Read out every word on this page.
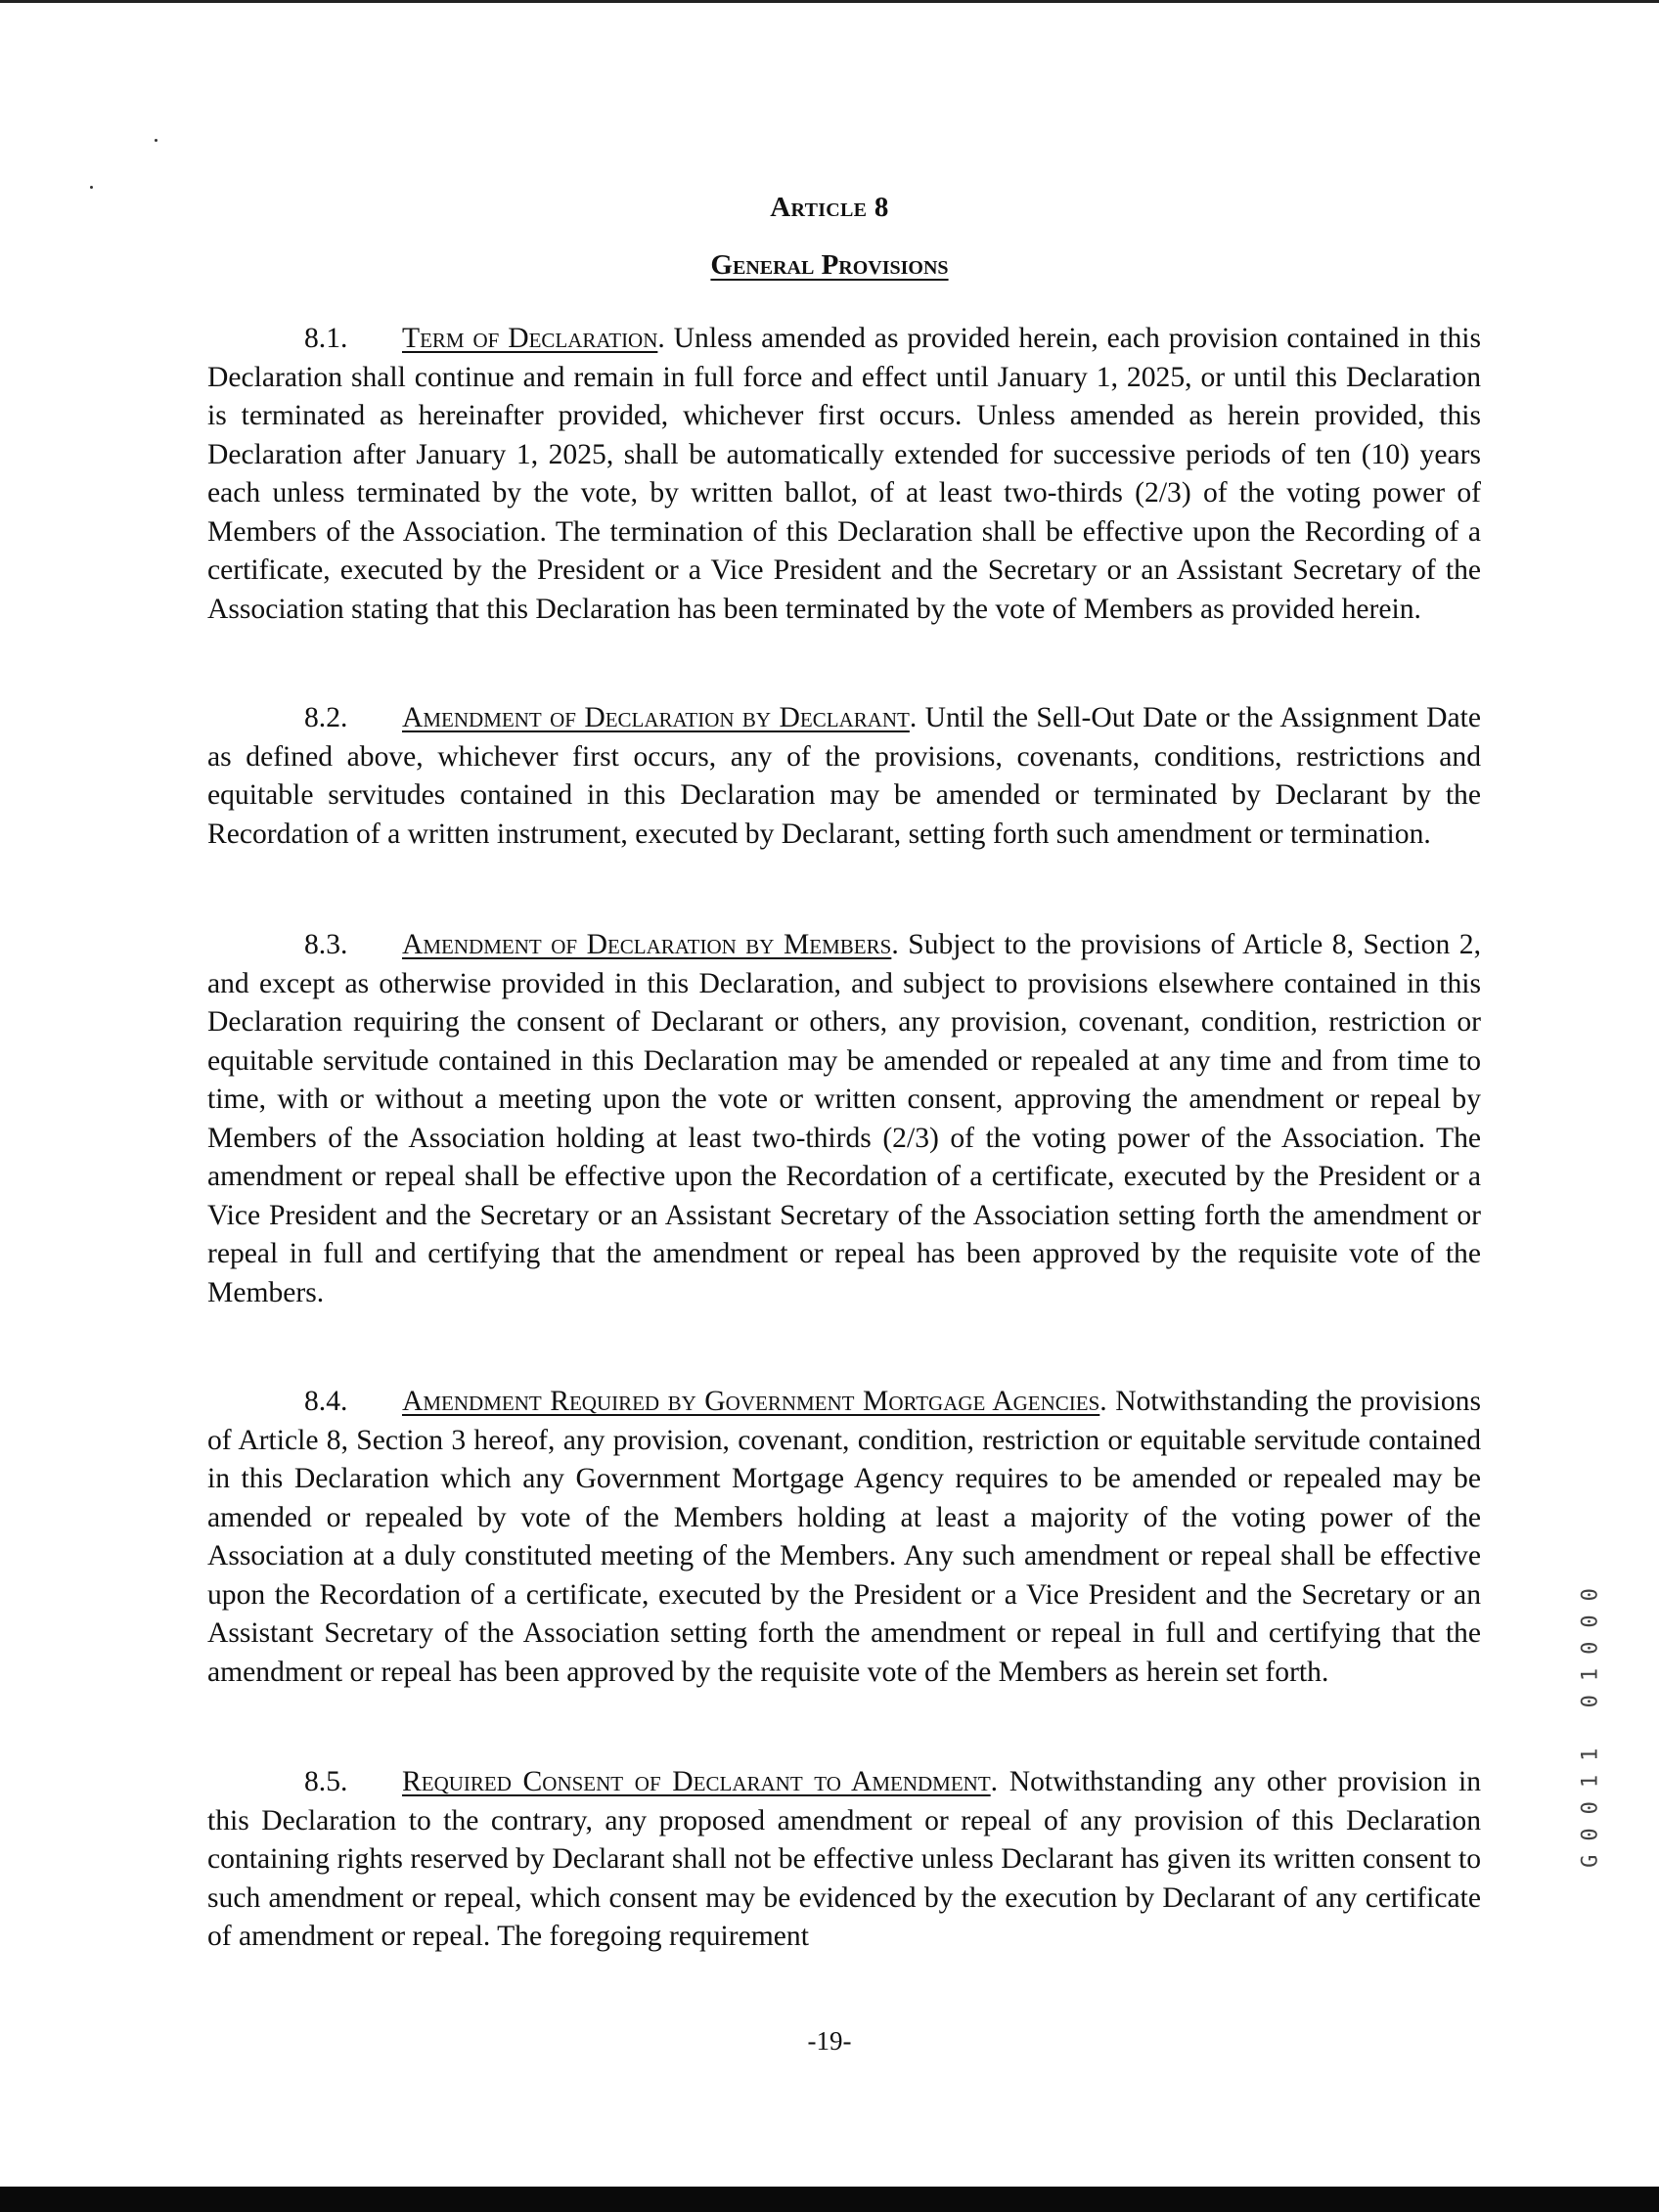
Article 8
General Provisions

8.1. Term of Declaration. Unless amended as provided herein, each provision contained in this Declaration shall continue and remain in full force and effect until January 1, 2025, or until this Declaration is terminated as hereinafter provided, whichever first occurs. Unless amended as herein provided, this Declaration after January 1, 2025, shall be automatically extended for successive periods of ten (10) years each unless terminated by the vote, by written ballot, of at least two-thirds (2/3) of the voting power of Members of the Association. The termination of this Declaration shall be effective upon the Recording of a certificate, executed by the President or a Vice President and the Secretary or an Assistant Secretary of the Association stating that this Declaration has been terminated by the vote of Members as provided herein.

8.2. Amendment of Declaration by Declarant. Until the Sell-Out Date or the Assignment Date as defined above, whichever first occurs, any of the provisions, covenants, conditions, restrictions and equitable servitudes contained in this Declaration may be amended or terminated by Declarant by the Recordation of a written instrument, executed by Declarant, setting forth such amendment or termination.

8.3. Amendment of Declaration by Members. Subject to the provisions of Article 8, Section 2, and except as otherwise provided in this Declaration, and subject to provisions elsewhere contained in this Declaration requiring the consent of Declarant or others, any provision, covenant, condition, restriction or equitable servitude contained in this Declaration may be amended or repealed at any time and from time to time, with or without a meeting upon the vote or written consent, approving the amendment or repeal by Members of the Association holding at least two-thirds (2/3) of the voting power of the Association. The amendment or repeal shall be effective upon the Recordation of a certificate, executed by the President or a Vice President and the Secretary or an Assistant Secretary of the Association setting forth the amendment or repeal in full and certifying that the amendment or repeal has been approved by the requisite vote of the Members.

8.4. Amendment Required by Government Mortgage Agencies. Notwithstanding the provisions of Article 8, Section 3 hereof, any provision, covenant, condition, restriction or equitable servitude contained in this Declaration which any Government Mortgage Agency requires to be amended or repealed may be amended or repealed by vote of the Members holding at least a majority of the voting power of the Association at a duly constituted meeting of the Members. Any such amendment or repeal shall be effective upon the Recordation of a certificate, executed by the President or a Vice President and the Secretary or an Assistant Secretary of the Association setting forth the amendment or repeal in full and certifying that the amendment or repeal has been approved by the requisite vote of the Members as herein set forth.

8.5. Required Consent of Declarant to Amendment. Notwithstanding any other provision in this Declaration to the contrary, any proposed amendment or repeal of any provision of this Declaration containing rights reserved by Declarant shall not be effective unless Declarant has given its written consent to such amendment or repeal, which consent may be evidenced by the execution by Declarant of any certificate of amendment or repeal. The foregoing requirement

-19-
G0011 01000
